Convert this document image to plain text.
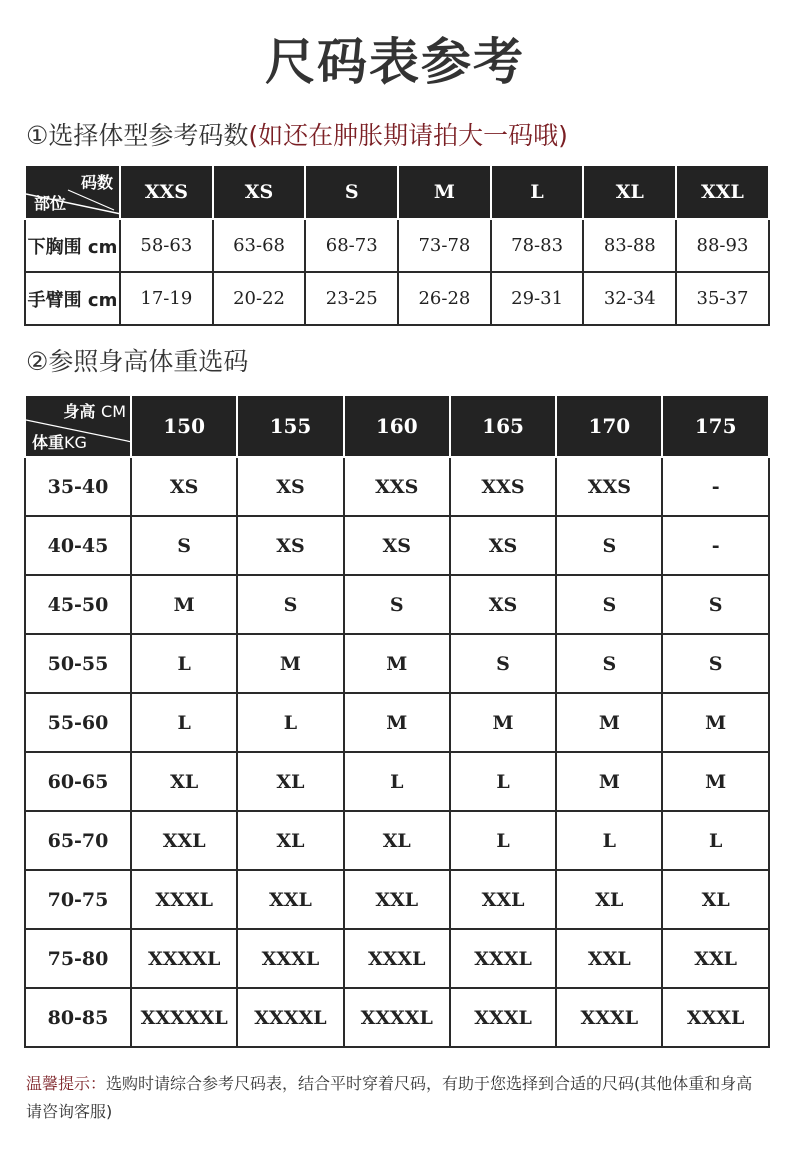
尺码表参考
①选择体型参考码数(如还在肿胀期请拍大一码哦)
码数
部位	XXS	XS	S	M	L	XL	XXL
下胸围 cm	58-63	63-68	68-73	73-78	78-83	83-88	88-93
手臂围 cm	17-19	20-22	23-25	26-28	29-31	32-34	35-37
②参照身高体重选码
身高 CM
体重KG	150	155	160	165	170	175
35-40	XS	XS	XXS	XXS	XXS	-
40-45	S	XS	XS	XS	S	-
45-50	M	S	S	XS	S	S
50-55	L	M	M	S	S	S
55-60	L	L	M	M	M	M
60-65	XL	XL	L	L	M	M
65-70	XXL	XL	XL	L	L	L
70-75	XXXL	XXL	XXL	XXL	XL	XL
75-80	XXXXL	XXXL	XXXL	XXXL	XXL	XXL
80-85	XXXXXL	XXXXL	XXXXL	XXXL	XXXL	XXXL
温馨提示：选购时请综合参考尺码表，结合平时穿着尺码，有助于您选择到合适的尺码(其他体重和身高请咨询客服)
